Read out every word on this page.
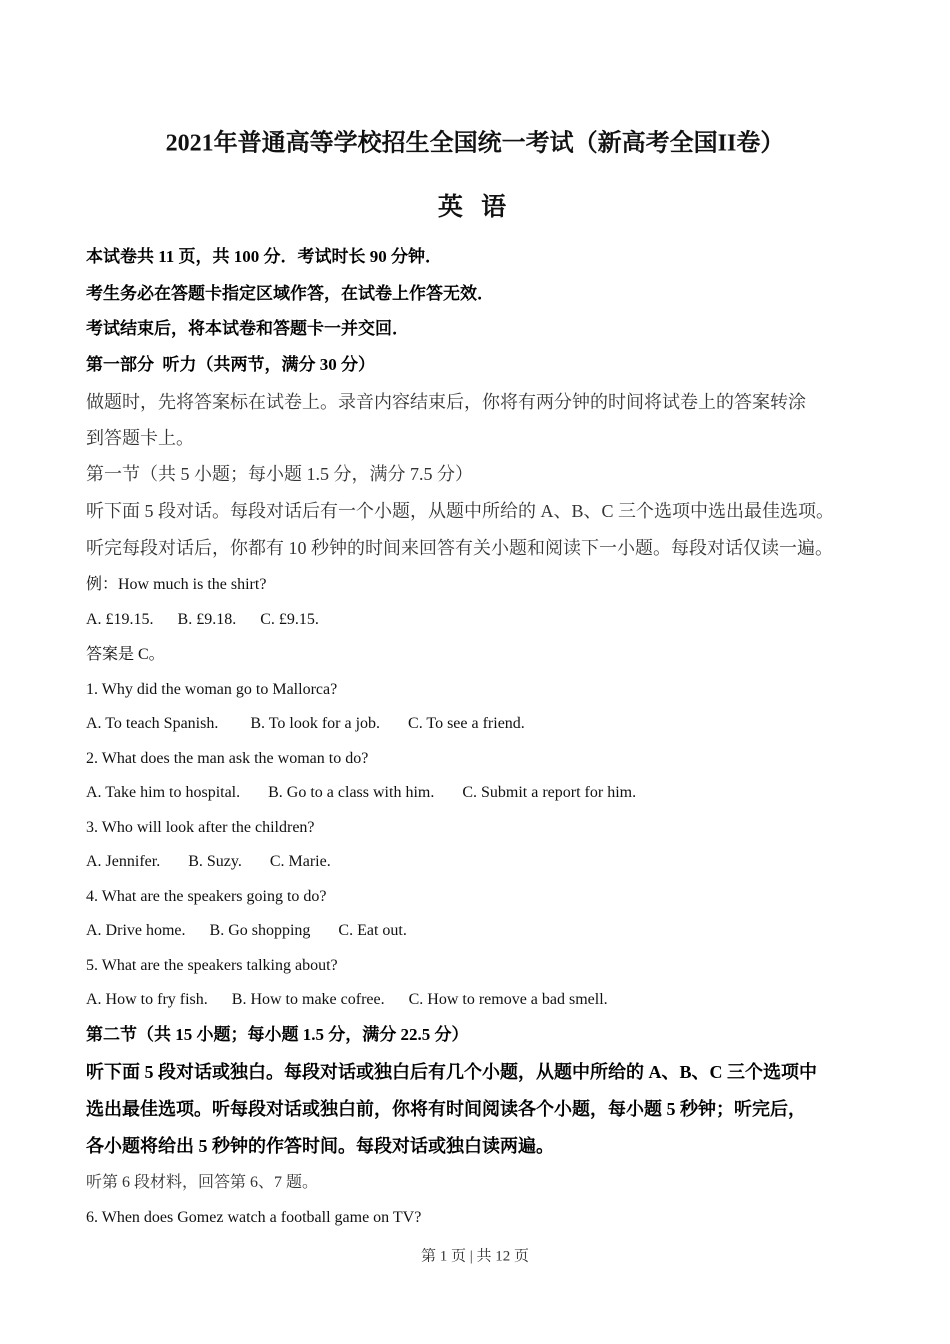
2021年普通高等学校招生全国统一考试（新高考全国II卷）
英 语
本试卷共 11 页，共 100 分．考试时长 90 分钟．
考生务必在答题卡指定区域作答，在试卷上作答无效．
考试结束后，将本试卷和答题卡一并交回．
第一部分  听力（共两节，满分 30 分）
做题时，先将答案标在试卷上。录音内容结束后，你将有两分钟的时间将试卷上的答案转涂
到答题卡上。
第一节（共 5 小题；每小题 1.5 分，满分 7.5 分）
听下面 5 段对话。每段对话后有一个小题，从题中所给的 A、B、C 三个选项中选出最佳选项。
听完每段对话后，你都有 10 秒钟的时间来回答有关小题和阅读下一小题。每段对话仅读一遍。
例：How much is the shirt?
A. £19.15.      B. £9.18.      C. £9.15.
答案是 C。
1. Why did the woman go to Mallorca?
A. To teach Spanish.        B. To look for a job.       C. To see a friend.
2. What does the man ask the woman to do?
A. Take him to hospital.       B. Go to a class with him.       C. Submit a report for him.
3. Who will look after the children?
A. Jennifer.       B. Suzy.       C. Marie.
4. What are the speakers going to do?
A. Drive home.      B. Go shopping       C. Eat out.
5. What are the speakers talking about?
A. How to fry fish.      B. How to make cofree.      C. How to remove a bad smell.
第二节（共 15 小题；每小题 1.5 分，满分 22.5 分）
听下面 5 段对话或独白。每段对话或独白后有几个小题，从题中所给的 A、B、C 三个选项中
选出最佳选项。听每段对话或独白前，你将有时间阅读各个小题，每小题 5 秒钟；听完后，
各小题将给出 5 秒钟的作答时间。每段对话或独白读两遍。
听第 6 段材料，回答第 6、7 题。
6. When does Gomez watch a football game on TV?
第 1 页 | 共 12 页
